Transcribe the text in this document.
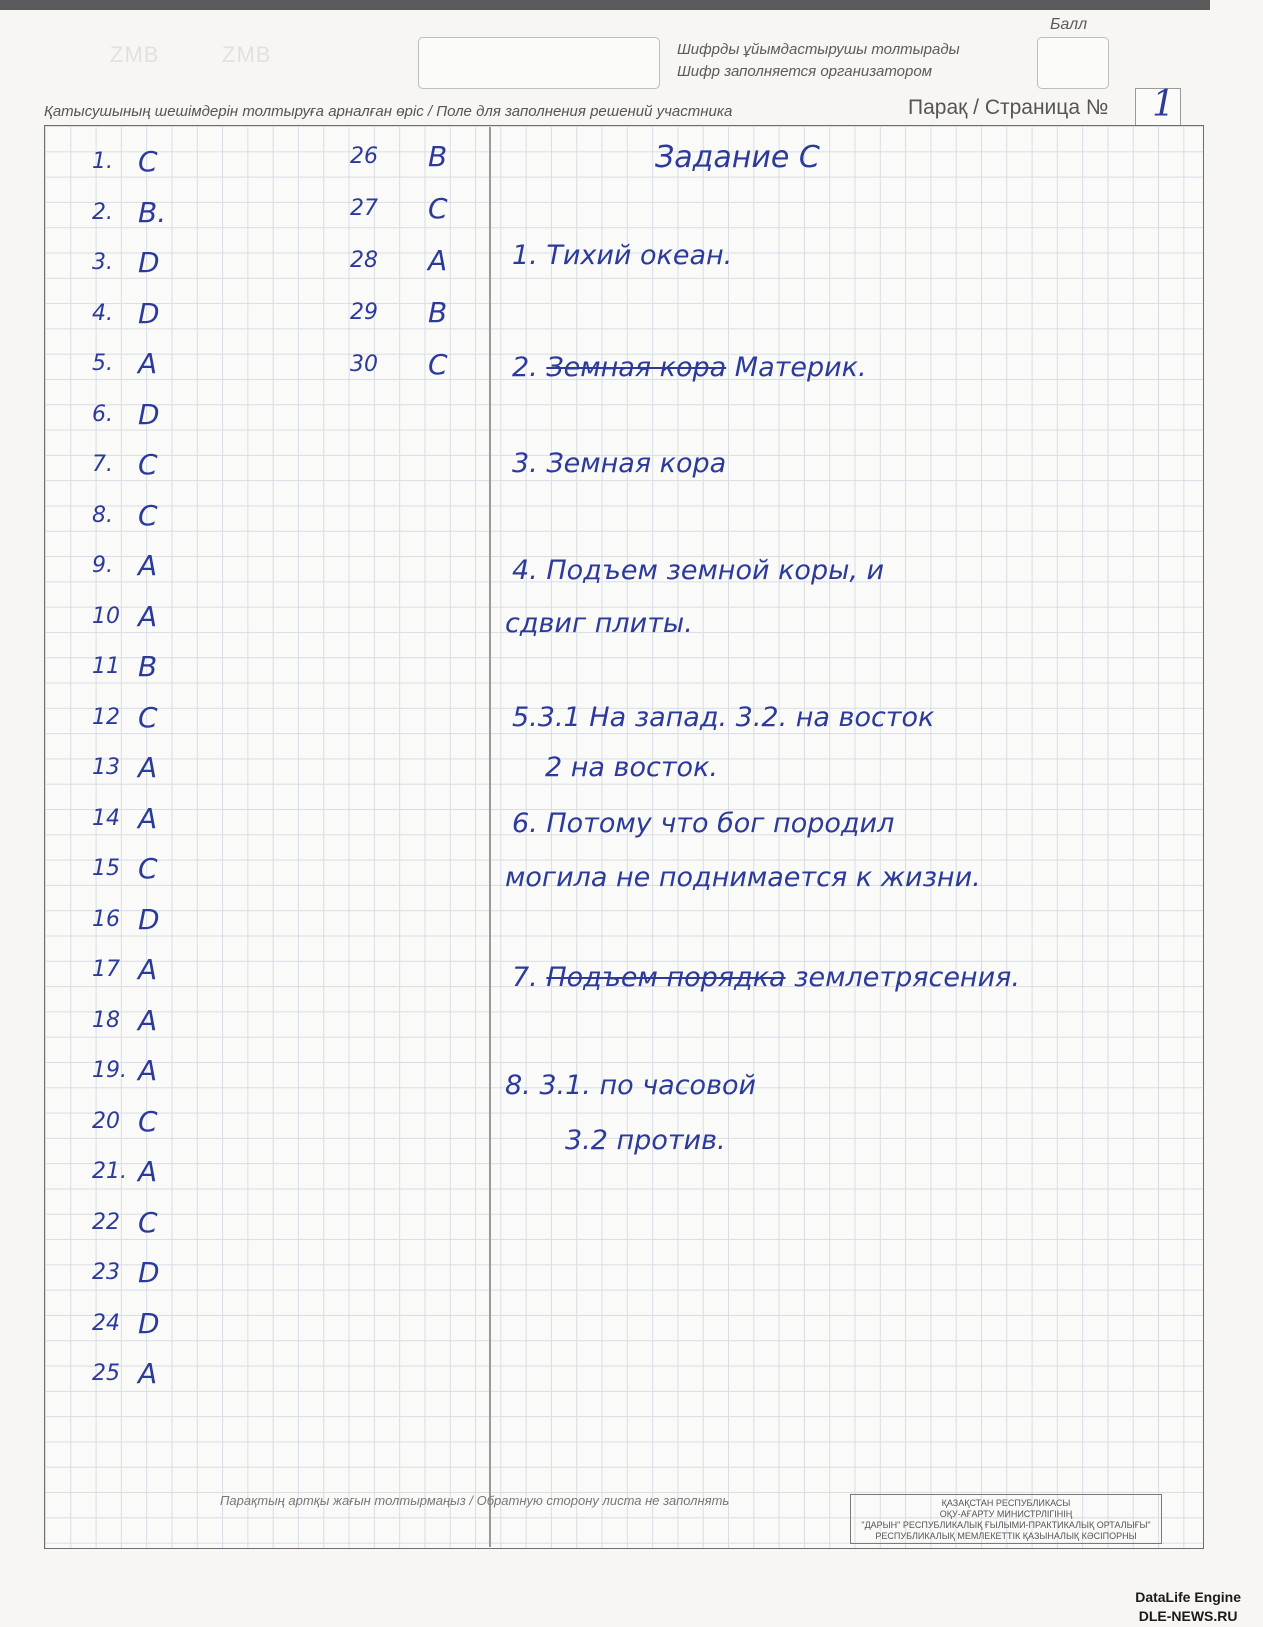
ZMB	ZMB	Шифрды ұйымдастырушы толтырады
Шифр заполняется организатором
Балл
Қатысушының шешімдерін толтыруға арналған өріс / Поле для заполнения решений участника	Парақ / Страница № 1
1. C
2. B.
3. D
4. D
5. A
6. D
7. C
8. C
9. A
10 A
11 B
12 C
13 A
14 A
15 C
16 D
17 A
18 A
19. A
20 C
21. A
22 C
23 D
24 D
25 A
26 B
27 C
28 A
29 B
30 C
Задание С
1. Тихий океан.
2. Земная кора Материк.
3. Земная кора
4. Подъем земной коры, и
сдвиг плиты.
5.3.1 На запад. 3.2. на восток
2 на восток.
6. Потому что бог породил
могила не поднимается к жизни.
7. Подъем порядка землетрясения.
8. 3.1. по часовой
3.2 против.
Парақтың артқы жағын толтырмаңыз / Обратную сторону листа не заполнять	ҚАЗАҚСТАН РЕСПУБЛИКАСЫ
ОҚУ-АҒАРТУ МИНИСТРЛІГІНІҢ
"ДАРЫН" РЕСПУБЛИКАЛЫҚ ҒЫЛЫМИ-ПРАКТИКАЛЫҚ ОРТАЛЫҒЫ"
РЕСПУБЛИКАЛЫҚ МЕМЛЕКЕТТІК ҚАЗЫНАЛЫҚ КӘСІПОРНЫ
DataLife Engine
DLE-NEWS.RU
